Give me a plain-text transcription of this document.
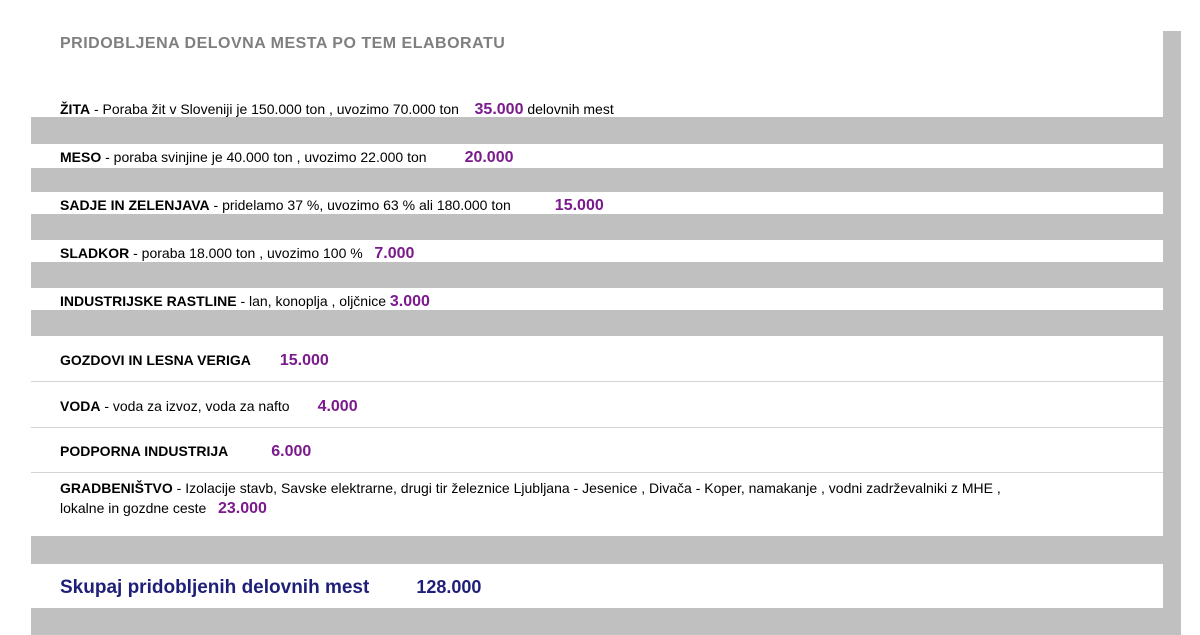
PRIDOBLJENA DELOVNA MESTA PO TEM ELABORATU
ŽITA - Poraba žit v Sloveniji je 150.000 ton , uvozimo 70.000 ton 35.000 delovnih mest
MESO - poraba svinjine je 40.000 ton , uvozimo 22.000 ton 20.000
SADJE IN ZELENJAVA - pridelamo 37 %, uvozimo 63 % ali 180.000 ton	15.000
SLADKOR - poraba 18.000 ton , uvozimo 100 % 7.000
INDUSTRIJSKE RASTLINE - lan, konoplja , oljčnice 3.000
GOZDOVI IN LESNA VERIGA 15.000
VODA - voda za izvoz, voda za nafto 4.000
PODPORNA INDUSTRIJA	6.000
GRADBENIŠTVO - Izolacije stavb, Savske elektrarne, drugi tir železnice Ljubljana - Jesenice , Divača - Koper, namakanje , vodni zadrževalniki z MHE ,
lokalne in gozdne ceste 23.000
Skupaj pridobljenih delovnih mest	128.000
